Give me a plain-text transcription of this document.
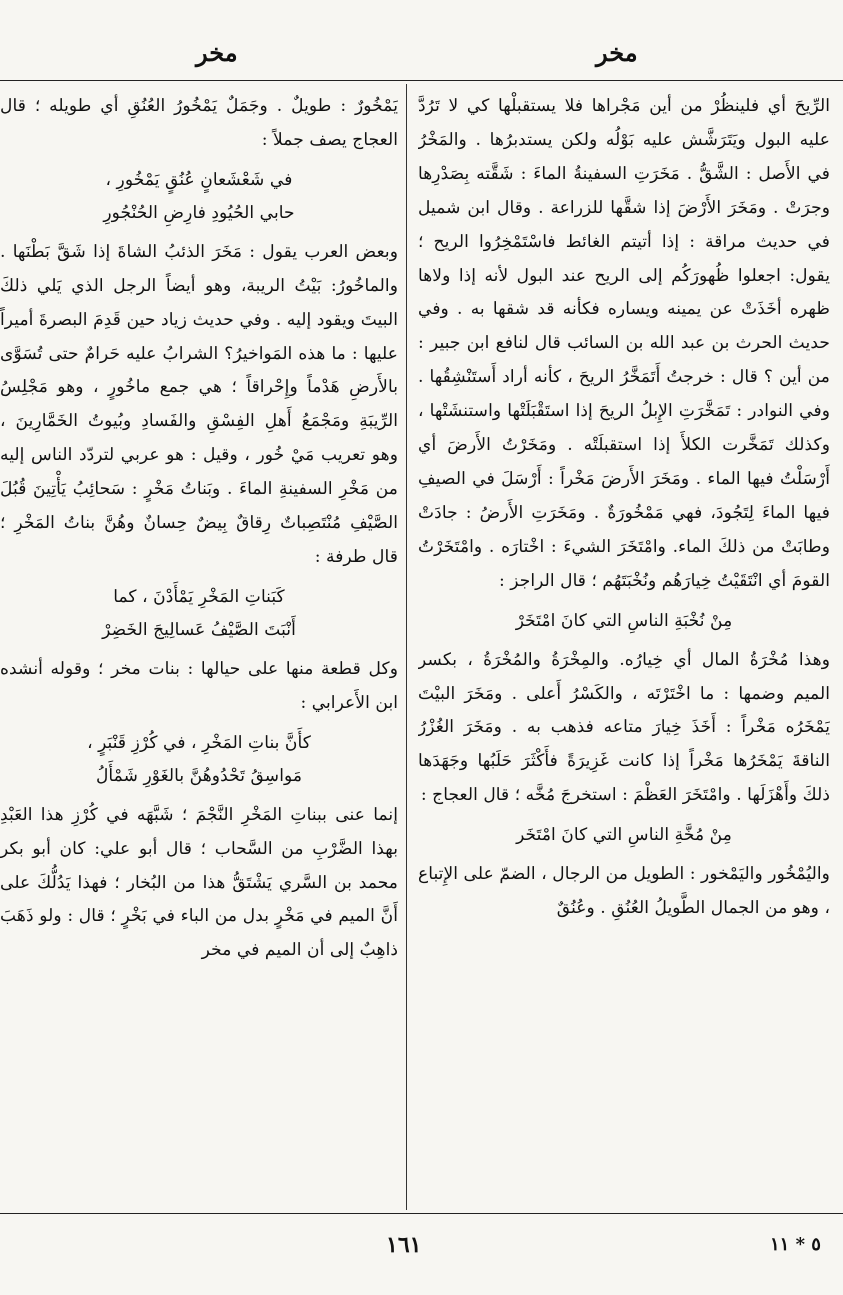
مخر
مخر

الرِّيحَ أي فلينظُرْ من أين مَجْراها فلا يستقبلْها كي لا تَرُدَّ عليه البول ويَتَرَشَّش عليه بَوْلُه ولكن يستدبرُها . والمَخْرُ في الأَصل : الشَّقُّ . مَخَرَتِ السفينةُ الماءَ : شَقَّته بِصَدْرِها وجرَتْ . ومَخَرَ الأَرْضَ إذا شقَّها للزراعة . وقال ابن شميل في حديث مراقة : إذا أتيتم الغائط فاسْتَمْخِرُوا الريح ؛ يقول: اجعلوا ظُهورَكُم إلى الريح عند البول لأنه إذا ولاها ظهره أخَذَتْ عن يمينه ويساره فكأنه قد شقها به . وفي حديث الحرث بن عبد الله بن السائب قال لنافع ابن جبير : من أين ؟ قال : خرجتُ أَتَمَخَّرُ الريحَ ، كأنه أراد أَستَنْشِقُها . وفي النوادر : تَمَخَّرَتِ الإِبلُ الريحَ إذا استَقْبَلَتْها واستنشَتْها ، وكذلك تَمَخَّرت الكلأَ إذا استقبلَتْه . ومَخَرْتُ الأَرضَ أي أَرْسَلْتُ فيها الماء . ومَخَرَ الأَرضَ مَخْراً : أَرْسَلَ في الصيفِ فيها الماءَ لِتَجُودَ، فهي مَمْخُورَةٌ . ومَخَرَتِ الأَرضُ : جادَتْ وطابَتْ من ذلكَ الماء. وامْتَخَرَ الشيءَ : اخْتارَه . وامْتَخَرْتُ القومَ أي انْتَقَيْتُ خِيارَهُم ونُخْبَتَهُم ؛ قال الراجز :

مِنْ نُخْبَةِ الناسِ التي كانَ امْتَخَرْ

وهذا مُخْرَةُ المال أي خِيارُه. والمِخْرَةُ والمُخْرَةُ ، بكسر الميم وضمها : ما اخْتَرْتَه ، والكَسْرُ أَعلى . ومَخَرَ البيْتَ يَمْخَرُه مَخْراً : أَخَذَ خِيارَ متاعه فذهب به . ومَخَرَ الغُزْرُ الناقةَ يَمْخَرُها مَخْراً إذا كانت غَزِيرَةً فأَكْثَرَ حَلَبُها وجَهَدَها ذلكَ وأَهْزَلَها . وامْتَخَرَ العَظْمَ : استخرجَ مُخَّه ؛ قال العجاج :

مِنْ مُخَّةِ الناسِ التي كانَ امْتَخَر

واليُمْخُور واليَمْخور : الطويل من الرجال ، الضمّ على الإِتباع ، وهو من الجمال الطَّويلُ العُنُقِ . وعُنُقٌ

يَمْخُورٌ : طويلٌ . وجَمَلٌ يَمْخُورُ العُنُقِ أي طويله ؛ قال العجاج يصف جملاً :

في شَعْشَعانٍ عُنُقٍ يَمْخُورِ ،
حابي الحُيُودِ فارِضِ الحُنْجُورِ

وبعض العرب يقول : مَخَرَ الذئبُ الشاةَ إذا شَقَّ بَطْنَها . والماخُورُ: بَيْتُ الريبة، وهو أيضاً الرجل الذي يَلي ذلكَ البيتَ ويقود إليه . وفي حديث زياد حين قَدِمَ البصرةَ أميراً عليها : ما هذه المَواخيرُ؟ الشرابُ عليه حَرامٌ حتى تُسَوَّى بالأَرضِ هَدْماً وإِحْراقاً ؛ هي جمع ماخُورٍ ، وهو مَجْلِسُ الرِّيبَةِ ومَجْمَعُ أَهلِ الفِسْقِ والفَسادِ وبُيوتُ الخَمَّارِينَ ، وهو تعريب مَيْ خُور ، وقيل : هو عربي لتردّد الناس إليه من مَخْرِ السفينةِ الماءَ . وبَناتُ مَخْرٍ : سَحائِبُ يَأْتِينَ قُبُلَ الصَّيْفِ مُنْتَصِباتٌ رِقاقٌ بِيضٌ حِسانٌ وهُنَّ بناتُ المَخْرِ ؛ قال طرفة :

كَبَناتِ المَخْرِ يَمْأَدْنَ ، كما
أَنْبَتَ الصَّيْفُ عَسالِيجَ الخَضِرْ

وكل قطعة منها على حيالها : بنات مخر ؛ وقوله أنشده ابن الأَعرابي :

كأَنَّ بناتِ المَخْرِ ، في كُرْزِ قَنْبَرٍ ،
مَواسِقُ تَحْدُوهُنَّ بالغَوْرِ شَمْأَلُ

إنما عنى ببناتِ المَخْرِ النَّجْمَ ؛ شَبَّهَه في كُرْزِ هذا العَبْدِ بهذا الضَّرْبِ من السَّحاب ؛ قال أبو علي: كان أبو بكر محمد بن السَّري يَشْتَقُّ هذا من البُخار ؛ فهذا يَدُلُّكَ على أَنَّ الميم في مَخْرٍ بدل من الباء في بَخْرٍ ؛ قال : ولو ذَهَبَ ذاهِبٌ إلى أن الميم في مخر

١٦١	٥ * ١١
